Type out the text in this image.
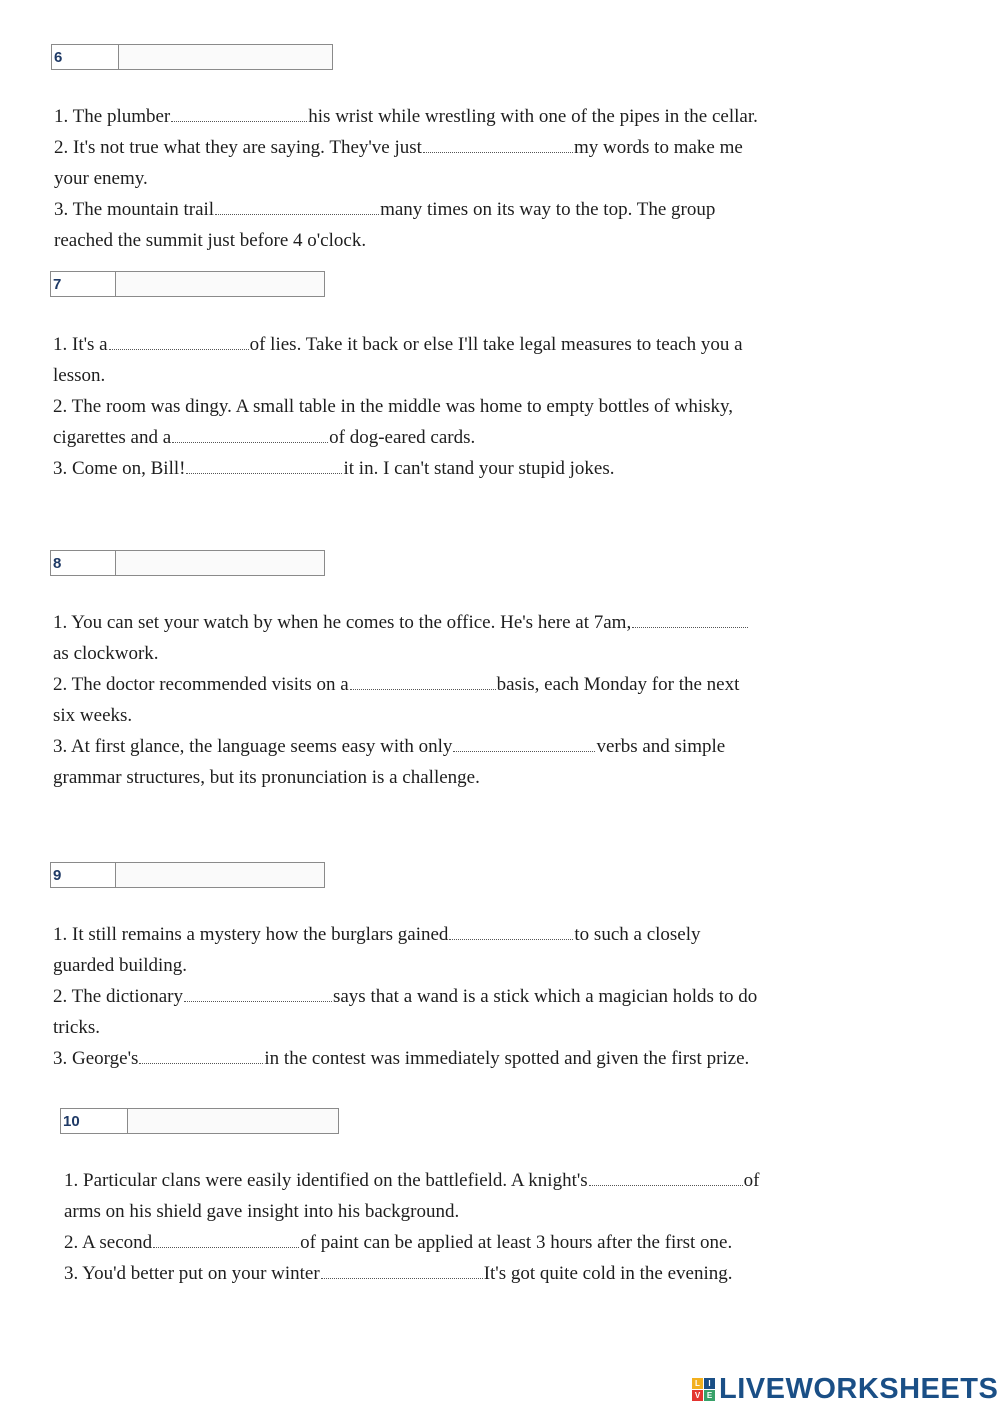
6
1. The plumber	his wrist while wrestling with one of the pipes in the cellar.
2. It's not true what they are saying. They've just	my words to make me
your enemy.
3. The mountain trail	many times on its way to the top. The group
reached the summit just before 4 o'clock.
7
1. It's a	of lies. Take it back or else I'll take legal measures to teach you a
lesson.
2. The room was dingy. A small table in the middle was home to empty bottles of whisky,
cigarettes and a	of dog-eared cards.
3. Come on, Bill!	it in. I can't stand your stupid jokes.
8
1. You can set your watch by when he comes to the office. He's here at 7am,
as clockwork.
2. The doctor recommended visits on a	basis, each Monday for the next
six weeks.
3. At first glance, the language seems easy with only	verbs and simple
grammar structures, but its pronunciation is a challenge.
9
1. It still remains a mystery how the burglars gained	to such a closely
guarded building.
2. The dictionary	says that a wand is a stick which a magician holds to do
tricks.
3. George's	in the contest was immediately spotted and given the first prize.
10
1. Particular clans were easily identified on the battlefield. A knight's	of
arms on his shield gave insight into his background.
2. A second	of paint can be applied at least 3 hours after the first one.
3. You'd better put on your winter	It's got quite cold in the evening.
L	I
V E LIVEWORKSHEETS
